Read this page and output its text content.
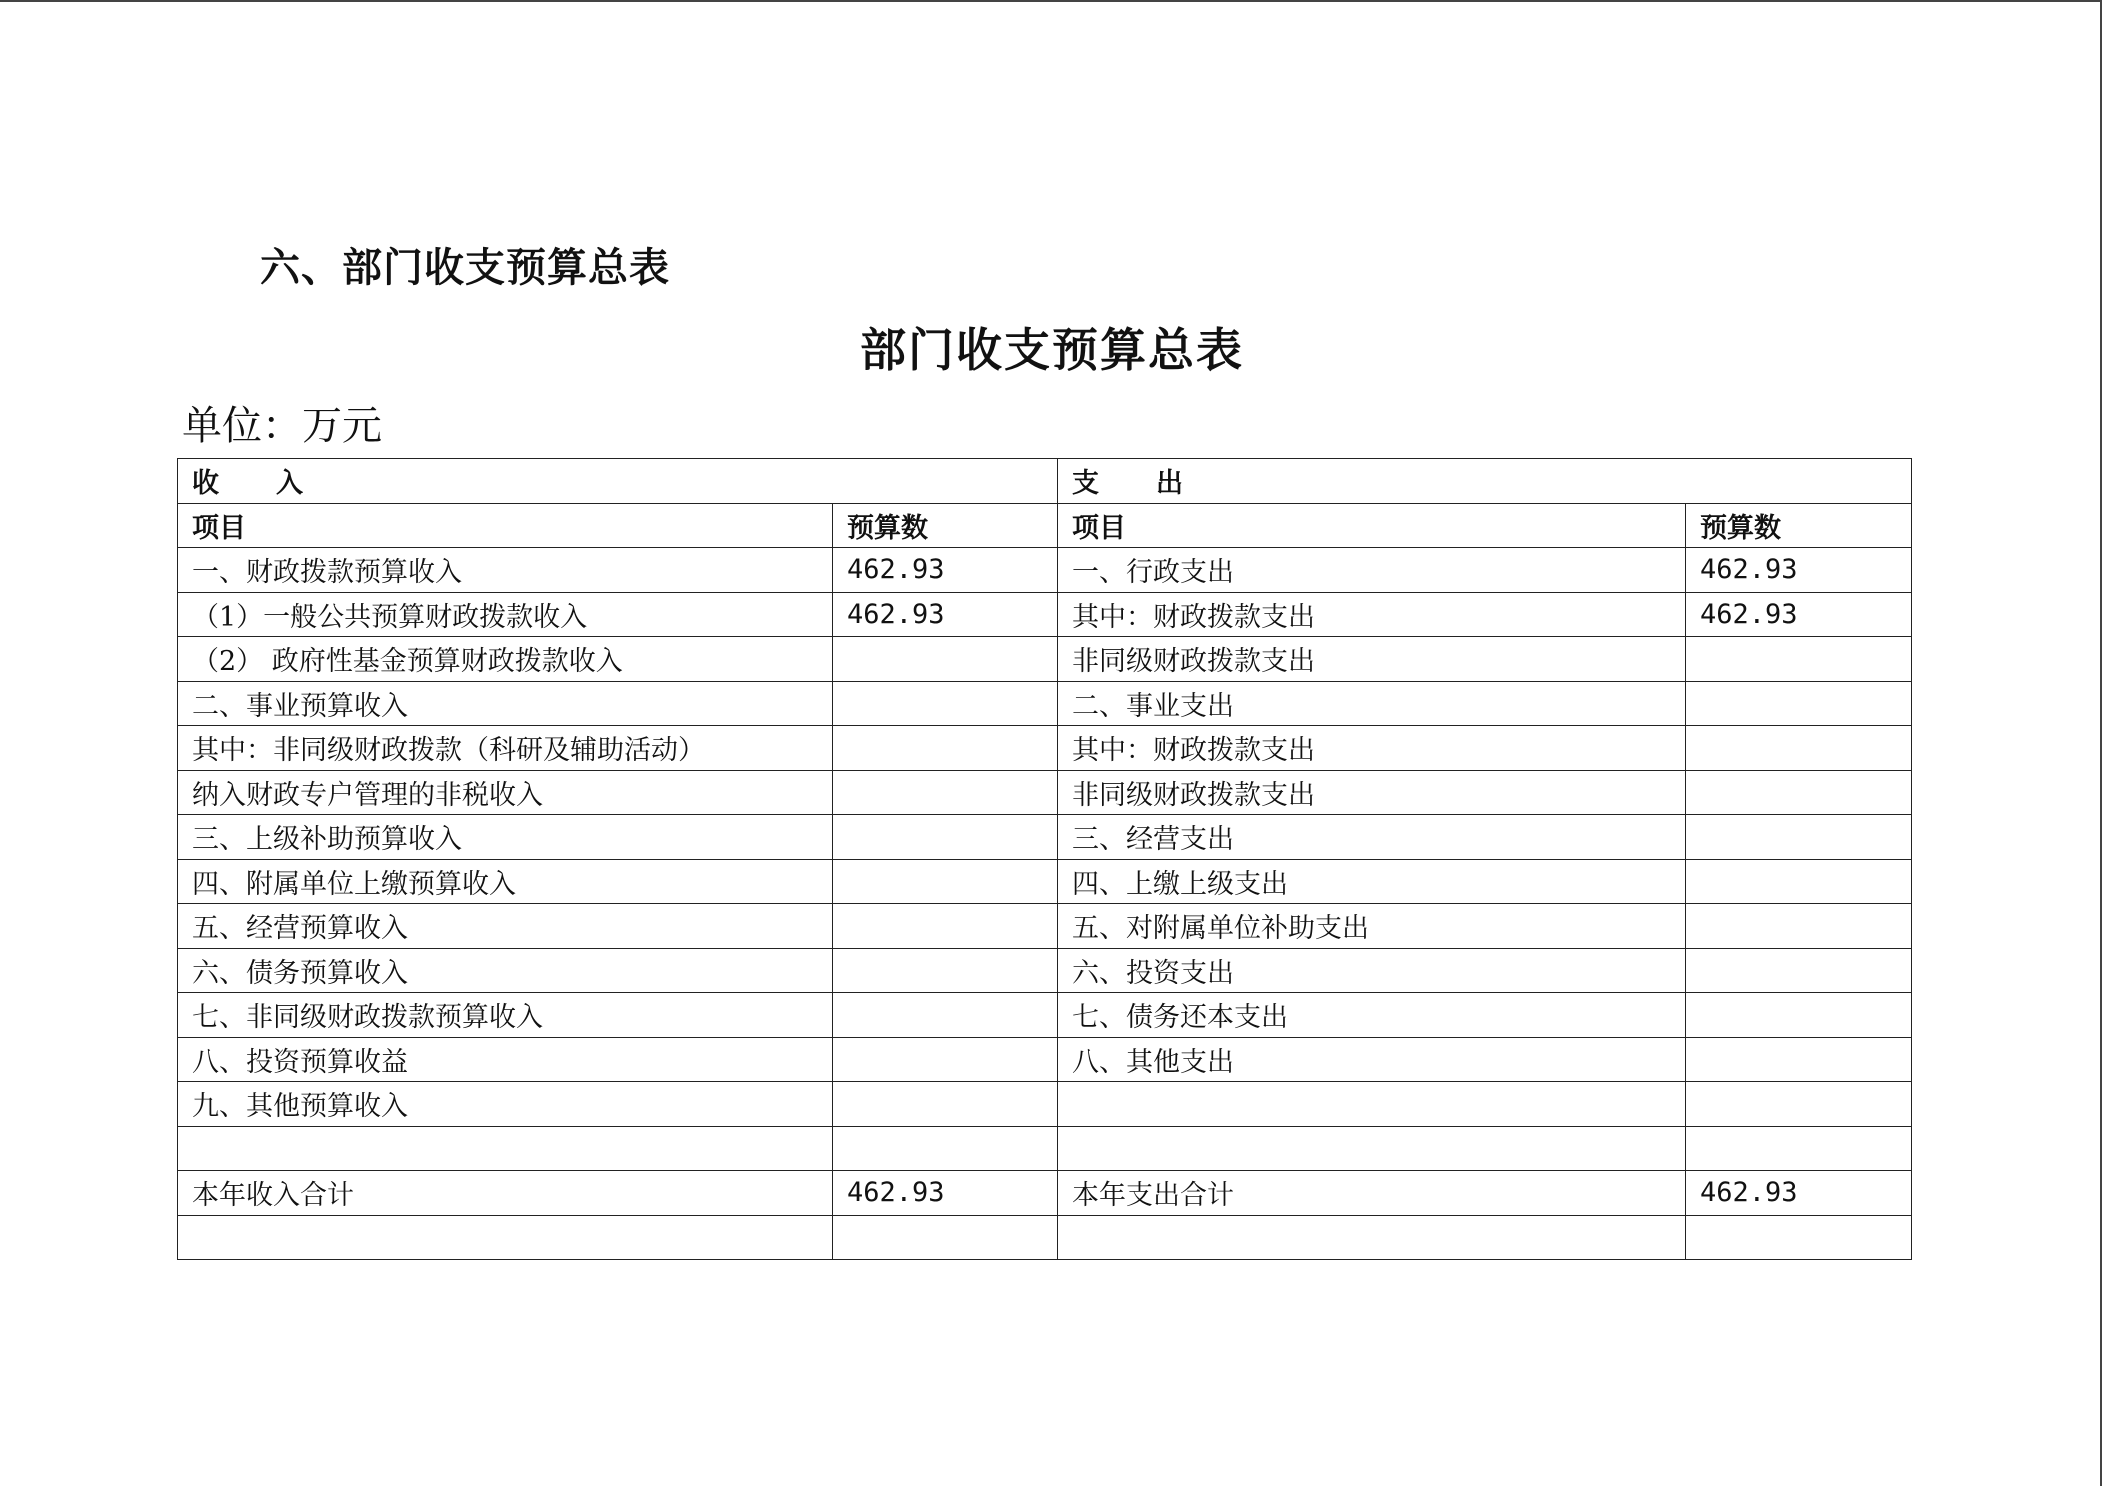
六、部门收支预算总表
部门收支预算总表
单位：万元
收　　入		支　　出	
项目	预算数	项目	预算数
一、财政拨款预算收入	462.93	一、行政支出	462.93
（1）一般公共预算财政拨款收入	462.93	其中：财政拨款支出	462.93
（2） 政府性基金预算财政拨款收入		非同级财政拨款支出	
二、事业预算收入		二、事业支出	
其中：非同级财政拨款（科研及辅助活动）		其中：财政拨款支出	
纳入财政专户管理的非税收入		非同级财政拨款支出	
三、上级补助预算收入		三、经营支出	
四、附属单位上缴预算收入		四、上缴上级支出	
五、经营预算收入		五、对附属单位补助支出	
六、债务预算收入		六、投资支出	
七、非同级财政拨款预算收入		七、债务还本支出	
八、投资预算收益		八、其他支出	
九、其他预算收入			

本年收入合计	462.93	本年支出合计	462.93
